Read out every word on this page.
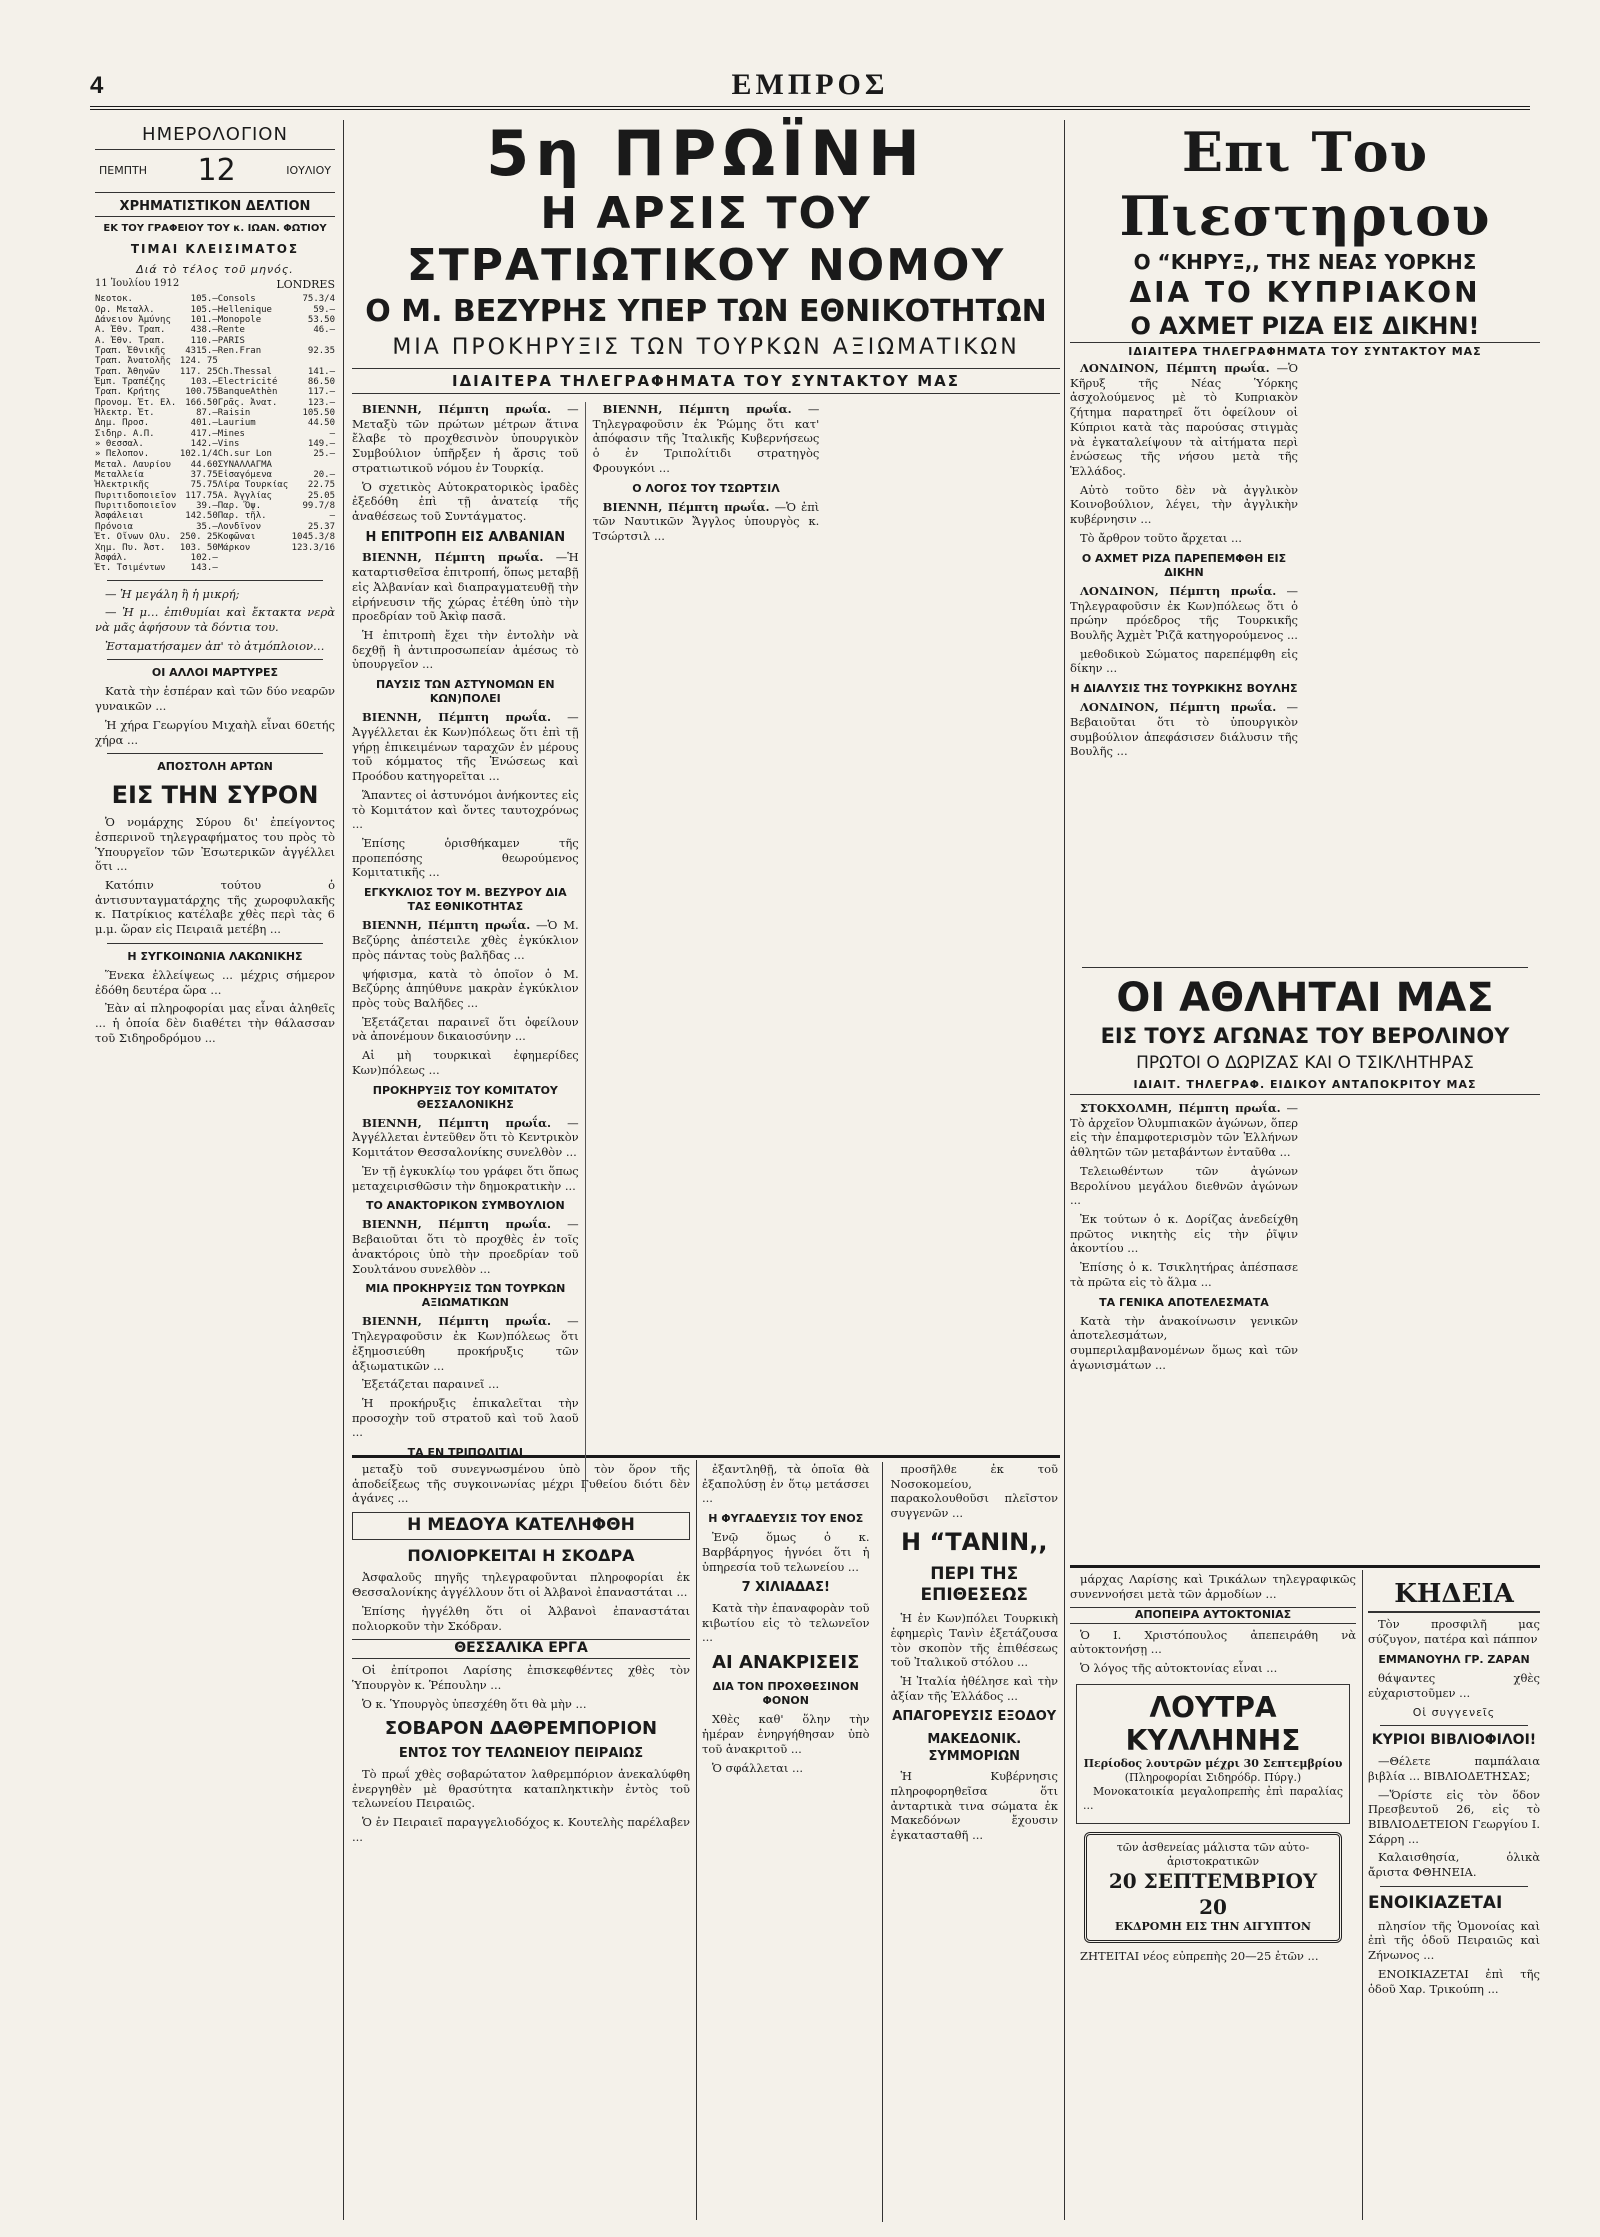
4	ΕΜΠΡΟΣ
ΗΜΕΡΟΛΟΓΙΟΝ
ΠΕΜΠΤΗ 12	ΙΟΥΛΙΟΥ
ΧΡΗΜΑΤΙΣΤΙΚΟΝ ΔΕΛΤΙΟΝ
ΕΚ ΤΟΥ ΓΡΑΦΕΙΟΥ ΤΟΥ κ. ΙΩΑΝ. ΦΩΤΙΟΥ
ΤΙΜΑΙ ΚΛΕΙΣΙΜΑΤΟΣ
Διά τὸ τέλος τοῦ μηνός.
11 Ἰουλίου 1912	LONDRES
Νεοτοκ.	105.—	Consols	75.3/4
Ορ. Μεταλλ.	105.—	Hellenique	59.—
Δάνειον Ἀμύνης	101.—	Monopole	53.50
Α. Ἐθν. Τραπ.	438.—	Rente	46.—
Α. Ἐθν. Τραπ.	110.—	PARIS	
Τραπ. Ἐθνικῆς	4315.—	Ren.Fran	92.35
Τραπ. Ἀνατολῆς	124. 75		
Τραπ. Ἀθηνῶν	117. 25	Ch.Thessal	141.—
Ἐμπ. Τραπέζης	103.—	Electricité	86.50
Τραπ. Κρήτης	100.75	BanqueAthèn	117.—
Προνομ. Ἐτ. Ελ.	166.50	Γρᾶς. Ἀνατ.	123.—
Ἠλεκτρ. Ἑτ.	87.—	Raisin	105.50
Δημ. Προσ.	401.—	Laurium	44.50
Σιδηρ. Α.Π.	417.—	Mines	—
» Θεσσαλ.	142.—	Vins	149.—
» Πελοπον.	102.1/4	Ch.sur Lon	25.—
Μεταλ. Λαυρίου	44.60	ΣΥΝΑΛΛΑΓΜΑ	
Μεταλλεία	37.75	Εἰσαγόμενα	20.—
Ἠλεκτρικῆς	75.75	Λίρα Τουρκίας	22.75
Πυριτιδοποιεῖον	117.75	Α. Ἀγγλίας	25.05
Πυριτιδοποιεῖον	39.—	Παρ. Ὄψ.	99.7/8
Ἀσφάλειαι	142.50	Παρ. τῆλ.	—
Πρόνοια	35.—	Λονδῖνον	25.37
Ἑτ. Οἴνων Ολυ.	250. 25	Κοφῶναι	1045.3/8
Χημ. Πυ. Ἀστ.	103. 50	Μάρκον	123.3/16
Ἀσφάλ.	102.—		
Ἑτ. Τσιμέντων	143.—		

— Ἡ μεγάλη ἢ ἡ μικρή;

— Ἡ μ… ἐπιθυμίαι καὶ ἔκτακτα νερὰ νὰ μᾶς ἀφήσουν τὰ δόντια του.

Ἐσταματήσαμεν ἀπ' τὸ ἀτμόπλοιον…

ΟΙ ΑΛΛΟΙ ΜΑΡΤΥΡΕΣ

Κατὰ τὴν ἑσπέραν καὶ τῶν δύο νεαρῶν γυναικῶν ...

Ἡ χήρα Γεωργίου Μιχαὴλ εἶναι 60ετής χήρα ...

ΑΠΟΣΤΟΛΗ ΑΡΤΩΝ
ΕΙΣ ΤΗΝ ΣΥΡΟΝ

Ὁ νομάρχης Σύρου δι' ἐπείγοντος ἐσπερινοῦ τηλεγραφήματος του πρὸς τὸ Ὑπουργεῖον τῶν Ἐσωτερικῶν ἀγγέλλει ὅτι ...

Κατόπιν τούτου ὁ ἀντισυνταγματάρχης τῆς χωροφυλακῆς κ. Πατρίκιος κατέλαβε χθὲς περὶ τὰς 6 μ.μ. ὥραν εἰς Πειραιᾶ μετέβη ...

Η ΣΥΓΚΟΙΝΩΝΙΑ ΛΑΚΩΝΙΚΗΣ

Ἕνεκα ἐλλείψεως ... μέχρις σήμερον ἐδόθη δευτέρα ὥρα ...

Ἐὰν αἱ πληροφορίαι μας εἶναι ἀληθεῖς ... ἡ ὁποία δὲν διαθέτει τὴν θάλασσαν τοῦ Σιδηροδρόμου ...

5η ΠΡΩΪΝΗ
Η ΑΡΣΙΣ ΤΟΥ ΣΤΡΑΤΙΩΤΙΚΟΥ ΝΟΜΟΥ
Ο Μ. ΒΕΖΥΡΗΣ ΥΠΕΡ ΤΩΝ ΕΘΝΙΚΟΤΗΤΩΝ
ΜΙΑ ΠΡΟΚΗΡΥΞΙΣ ΤΩΝ ΤΟΥΡΚΩΝ ΑΞΙΩΜΑΤΙΚΩΝ
ΙΔΙΑΙΤΕΡΑ ΤΗΛΕΓΡΑΦΗΜΑΤΑ ΤΟΥ ΣΥΝΤΑΚΤΟΥ ΜΑΣ

ΒΙΕΝΝΗ, Πέμπτη πρωΐα. —Μεταξὺ τῶν πρώτων μέτρων ἅτινα ἔλαβε τὸ προχθεσινὸν ὑπουργικὸν Συμβούλιον ὑπῆρξεν ἡ ἄρσις τοῦ στρατιωτικοῦ νόμου ἐν Τουρκίᾳ.

Ὁ σχετικὸς Αὐτοκρατορικὸς ἰραδὲς ἐξεδόθη ἐπὶ τῇ ἀνατείᾳ τῆς ἀναθέσεως τοῦ Συντάγματος.

Η ΕΠΙΤΡΟΠΗ ΕΙΣ ΑΛΒΑΝΙΑΝ

ΒΙΕΝΝΗ, Πέμπτη πρωΐα. —Ἡ καταρτισθεῖσα ἐπιτροπή, ὅπως μεταβῇ εἰς Ἀλβανίαν καὶ διαπραγματευθῇ τὴν εἰρήνευσιν τῆς χώρας ἐτέθη ὑπὸ τὴν προεδρίαν τοῦ Ἀκὶφ πασᾶ.

Ἡ ἐπιτροπὴ ἔχει τὴν ἐντολὴν νὰ δεχθῇ ἢ ἀντιπροσωπείαν ἀμέσως τὸ ὑπουργεῖον ...

ΠΑΥΣΙΣ ΤΩΝ ΑΣΤΥΝΟΜΩΝ ΕΝ ΚΩΝ)ΠΟΛΕΙ

ΒΙΕΝΝΗ, Πέμπτη πρωΐα. —Ἀγγέλλεται ἐκ Κων)πόλεως ὅτι ἐπὶ τῇ γήρῃ ἐπικειμένων ταραχῶν ἐν μέρους τοῦ κόμματος τῆς Ἑνώσεως καὶ Προόδου κατηγορεῖται ...

Ἅπαντες οἱ ἀστυνόμοι ἀνήκοντες εἰς τὸ Κομιτάτον καὶ ὄντες ταυτοχρόνως ...

Ἐπίσης ὁρισθήκαμεν τῆς προπεπόσης θεωρούμενος Κομιτατικῆς ...

ΕΓΚΥΚΛΙΟΣ ΤΟΥ Μ. ΒΕΖΥΡΟΥ ΔΙΑ ΤΑΣ ΕΘΝΙΚΟΤΗΤΑΣ

ΒΙΕΝΝΗ, Πέμπτη πρωΐα. —Ὁ Μ. Βεζύρης ἀπέστειλε χθὲς ἐγκύκλιον πρὸς πάντας τοὺς βαλῆδας ...

ψήφισμα, κατὰ τὸ ὁποῖον ὁ Μ. Βεζύρης ἀπηύθυνε μακρὰν ἐγκύκλιον πρὸς τοὺς Βαλῆδες ...

Ἐξετάζεται παραινεῖ ὅτι ὀφείλουν νὰ ἀπονέμουν δικαιοσύνην ...

Αἱ μὴ τουρκικαὶ ἐφημερίδες Κων)πόλεως ...

ΠΡΟΚΗΡΥΞΙΣ ΤΟΥ ΚΟΜΙΤΑΤΟΥ ΘΕΣΣΑΛΟΝΙΚΗΣ

ΒΙΕΝΝΗ, Πέμπτη πρωΐα. —Ἀγγέλλεται ἐντεῦθεν ὅτι τὸ Κεντρικὸν Κομιτάτον Θεσσαλονίκης συνελθὸν ...

Ἐν τῇ ἐγκυκλίῳ του γράφει ὅτι ὅπως μεταχειρισθῶσιν τὴν δημοκρατικὴν ...

ΤΟ ΑΝΑΚΤΟΡΙΚΟΝ ΣΥΜΒΟΥΛΙΟΝ

ΒΙΕΝΝΗ, Πέμπτη πρωΐα. —Βεβαιοῦται ὅτι τὸ προχθὲς ἐν τοῖς ἀνακτόροις ὑπὸ τὴν προεδρίαν τοῦ Σουλτάνου συνελθὸν ...

ΜΙΑ ΠΡΟΚΗΡΥΞΙΣ ΤΩΝ ΤΟΥΡΚΩΝ ΑΞΙΩΜΑΤΙΚΩΝ

ΒΙΕΝΝΗ, Πέμπτη πρωΐα. —Τηλεγραφοῦσιν ἐκ Κων)πόλεως ὅτι ἐξημοσιεύθη προκήρυξις τῶν ἀξιωματικῶν ...

Ἐξετάζεται παραινεῖ ...

Ἡ προκήρυξις ἐπικαλεῖται τὴν προσοχὴν τοῦ στρατοῦ καὶ τοῦ λαοῦ ...

ΤΑ ΕΝ ΤΡΙΠΟΛΙΤΙΔΙ

ΒΙΕΝΝΗ, Πέμπτη πρωΐα. —Τηλεγραφοῦσιν ἐκ Ῥώμης ὅτι κατ' ἀπόφασιν τῆς Ἰταλικῆς Κυβερνήσεως ὁ ἐν Τριπολίτιδι στρατηγὸς Φρουγκόνι ...

Ο ΛΟΓΟΣ ΤΟΥ ΤΣΩΡΤΣΙΛ

ΒΙΕΝΝΗ, Πέμπτη πρωΐα. —Ὁ ἐπὶ τῶν Ναυτικῶν Ἄγγλος ὑπουργὸς κ. Τσώρτσιλ ...

Επι Του Πιεστηριου
Ο “ΚΗΡΥΞ,, ΤΗΣ ΝΕΑΣ ΥΟΡΚΗΣ
ΔΙΑ ΤΟ ΚΥΠΡΙΑΚΟΝ
Ο ΑΧΜΕΤ ΡΙΖΑ ΕΙΣ ΔΙΚΗΝ!
ΙΔΙΑΙΤΕΡΑ ΤΗΛΕΓΡΑΦΗΜΑΤΑ ΤΟΥ ΣΥΝΤΑΚΤΟΥ ΜΑΣ

ΛΟΝΔΙΝΟΝ, Πέμπτη πρωΐα. —Ὁ Κῆρυξ τῆς Νέας Ὑόρκης ἀσχολούμενος μὲ τὸ Κυπριακὸν ζήτημα παρατηρεῖ ὅτι ὀφείλουν οἱ Κύπριοι κατὰ τὰς παρούσας στιγμὰς νὰ ἐγκαταλείψουν τὰ αἰτήματα περὶ ἑνώσεως τῆς νήσου μετὰ τῆς Ἑλλάδος.

Αὐτὸ τοῦτο δὲν νὰ ἀγγλικὸν Κοινοβούλιον, λέγει, τὴν ἀγγλικὴν κυβέρνησιν ...

Τὸ ἄρθρον τοῦτο ἄρχεται ...

Ο ΑΧΜΕΤ ΡΙΖΑ ΠΑΡΕΠΕΜΦΘΗ ΕΙΣ ΔΙΚΗΝ

ΛΟΝΔΙΝΟΝ, Πέμπτη πρωΐα. —Τηλεγραφοῦσιν ἐκ Κων)πόλεως ὅτι ὁ πρώην πρόεδρος τῆς Τουρκικῆς Βουλῆς Ἀχμὲτ Ῥιζᾶ κατηγορούμενος ...

μεθοδικοὺ Σώματος παρεπέμφθη εἰς δίκην ...

Η ΔΙΑΛΥΣΙΣ ΤΗΣ ΤΟΥΡΚΙΚΗΣ ΒΟΥΛΗΣ

ΛΟΝΔΙΝΟΝ, Πέμπτη πρωΐα. —Βεβαιοῦται ὅτι τὸ ὑπουργικὸν συμβούλιον ἀπεφάσισεν διάλυσιν τῆς Βουλῆς ...

ΟΙ ΑΘΛΗΤΑΙ ΜΑΣ
ΕΙΣ ΤΟΥΣ ΑΓΩΝΑΣ ΤΟΥ ΒΕΡΟΛΙΝΟΥ
ΠΡΩΤΟΙ Ο ΔΩΡΙΖΑΣ ΚΑΙ Ο ΤΣΙΚΛΗΤΗΡΑΣ
ΙΔΙΑΙΤ. ΤΗΛΕΓΡΑΦ. ΕΙΔΙΚΟΥ ΑΝΤΑΠΟΚΡΙΤΟΥ ΜΑΣ

ΣΤΟΚΧΟΛΜΗ, Πέμπτη πρωΐα. —Τὸ ἀρχεῖον Ὀλυμπιακῶν ἀγώνων, ὅπερ εἰς τὴν ἐπαμφοτερισμὸν τῶν Ἑλλήνων ἀθλητῶν τῶν μεταβάντων ἐνταῦθα ...

Τελειωθέντων τῶν ἀγώνων Βερολίνου μεγάλου διεθνῶν ἀγώνων ...

Ἐκ τούτων ὁ κ. Δορίζας ἀνεδείχθη πρῶτος νικητὴς εἰς τὴν ῥῖψιν ἀκοντίου ...

Ἐπίσης ὁ κ. Τσικλητήρας ἀπέσπασε τὰ πρῶτα εἰς τὸ ἅλμα ...

ΤΑ ΓΕΝΙΚΑ ΑΠΟΤΕΛΕΣΜΑΤΑ

Κατὰ τὴν ἀνακοίνωσιν γενικῶν ἀποτελεσμάτων, συμπεριλαμβανομένων ὅμως καὶ τῶν ἀγωνισμάτων ...

μεταξὺ τοῦ συνεγνωσμένου ὑπὸ τὸν ὅρον τῆς ἀποδείξεως τῆς συγκοινωνίας μέχρι Γυθείου διότι δὲν ἀγάνες ...

Η ΜΕΔΟΥΑ ΚΑΤΕΛΗΦΘΗ
ΠΟΛΙΟΡΚΕΙΤΑΙ Η ΣΚΟΔΡΑ

Ἀσφαλοῦς πηγῆς τηλεγραφοῦνται πληροφορίαι ἐκ Θεσσαλονίκης ἀγγέλλουν ὅτι οἱ Ἀλβανοὶ ἐπαναστάται ...

Ἐπίσης ἠγγέλθη ὅτι οἱ Ἀλβανοὶ ἐπαναστάται πολιορκοῦν τὴν Σκόδραν.

ΘΕΣΣΑΛΙΚΑ ΕΡΓΑ

Οἱ ἐπίτροποι Λαρίσης ἐπισκεφθέντες χθὲς τὸν Ὑπουργὸν κ. Ῥέπουλην ...

Ὁ κ. Ὑπουργὸς ὑπεσχέθη ὅτι θὰ μὴν ...

ΣΟΒΑΡΟΝ ΔΑΘΡΕΜΠΟΡΙΟΝ
ΕΝΤΟΣ ΤΟΥ ΤΕΛΩΝΕΙΟΥ ΠΕΙΡΑΙΩΣ

Τὸ πρωΐ χθὲς σοβαρώτατον λαθρεμπόριον ἀνεκαλύφθη ἐνεργηθὲν μὲ θρασύτητα καταπληκτικὴν ἐντὸς τοῦ τελωνείου Πειραιῶς.

Ὁ ἐν Πειραιεῖ παραγγελιοδόχος κ. Κουτελὴς παρέλαβεν ...

ἐξαντληθῇ, τὰ ὁποῖα θὰ ἐξαπολύσῃ ἐν ὅτῳ μετάσσει ...

Η ΦΥΓΑΔΕΥΣΙΣ ΤΟΥ ΕΝΟΣ

Ἐνῷ ὅμως ὁ κ. Βαρβάρηγος ἠγνόει ὅτι ἡ ὑπηρεσία τοῦ τελωνείου ...

7 ΧΙΛΙΑΔΑΣ!

Κατὰ τὴν ἐπαναφορὰν τοῦ κιβωτίου εἰς τὸ τελωνεῖον ...

ΑΙ ΑΝΑΚΡΙΣΕΙΣ
ΔΙΑ ΤΟΝ ΠΡΟΧΘΕΣΙΝΟΝ ΦΟΝΟΝ

Χθὲς καθ' ὅλην τὴν ἡμέραν ἐνηργήθησαν ὑπὸ τοῦ ἀνακριτοῦ ...

Ὁ σφάλλεται ...

προσῆλθε ἐκ τοῦ Νοσοκομείου, παρακολουθοῦσι πλεῖστον συγγενῶν ...

Η “ΤΑΝΙΝ,,
ΠΕΡΙ ΤΗΣ ΕΠΙΘΕΣΕΩΣ

Ἡ ἐν Κων)πόλει Τουρκικὴ ἐφημερὶς Τανὶν ἐξετάζουσα τὸν σκοπὸν τῆς ἐπιθέσεως τοῦ Ἰταλικοῦ στόλου ...

Ἡ Ἰταλία ἠθέλησε καὶ τὴν ἀξίαν τῆς Ἐλλάδος ...

ΑΠΑΓΟΡΕΥΣΙΣ ΕΞΟΔΟΥ
ΜΑΚΕΔΟΝΙΚ. ΣΥΜΜΟΡΙΩΝ

Ἡ Κυβέρνησις πληροφορηθεῖσα ὅτι ἀνταρτικὰ τινα σώματα ἐκ Μακεδόνων ἔχουσιν ἐγκατασταθῆ ...

μάρχας Λαρίσης καὶ Τρικάλων τηλεγραφικῶς συνεννοήσει μετὰ τῶν ἀρμοδίων ...

ΑΠΟΠΕΙΡΑ ΑΥΤΟΚΤΟΝΙΑΣ

Ὁ Ι. Χριστόπουλος ἀπεπειράθη νὰ αὐτοκτονήσῃ ...

Ὁ λόγος τῆς αὐτοκτονίας εἶναι ...

ΛΟΥΤΡΑ
ΚΥΛΛΗΝΗΣ
Περίοδος λουτρῶν μέχρι 30 Σεπτεμβρίου
(Πληροφορίαι Σιδηρόδρ. Πύργ.)

Μονοκατοικία μεγαλοπρεπὴς ἐπὶ παραλίας ...

τῶν ἀσθενείας μάλιστα τῶν αὐτο-ἀριστοκρατικῶν
20 ΣΕΠΤΕΜΒΡΙΟΥ 20
ΕΚΔΡΟΜΗ ΕΙΣ ΤΗΝ ΑΙΓΥΠΤΟΝ

ΖΗΤΕΙΤΑΙ νέος εὐπρεπὴς 20—25 ἐτῶν ...

ΚΗΔΕΙΑ

Τὸν προσφιλῆ μας σύζυγον, πατέρα καὶ πάππον

ΕΜΜΑΝΟΥΗΛ ΓΡ. ΖΑΡΑΝ

θάψαντες χθὲς εὐχαριστοῦμεν ...

Οἱ συγγενεῖς
ΚΥΡΙΟΙ ΒΙΒΛΙΟΦΙΛΟΙ!

—Θέλετε παμπάλαια βιβλία ... ΒΙΒΛΙΟΔΕΤΗΣΑΣ;

—Ὅρίστε εἰς τὸν ὅδον Πρεσβευτοῦ 26, εἰς τὸ ΒΙΒΛΙΟΔΕΤΕΙΟΝ Γεωργίου Ι. Σάρρη ...

Καλαισθησία, ὁλικὰ ἄριστα ΦΘΗΝΕΙΑ.

ΕΝΟΙΚΙΑΖΕΤΑΙ

πλησίον τῆς Ὁμονοίας καὶ ἐπὶ τῆς ὁδοῦ Πειραιῶς καὶ Ζήνωνος ...

ΕΝΟΙΚΙΑΖΕΤΑΙ ἐπὶ τῆς ὁδοῦ Χαρ. Τρικούπη ...
